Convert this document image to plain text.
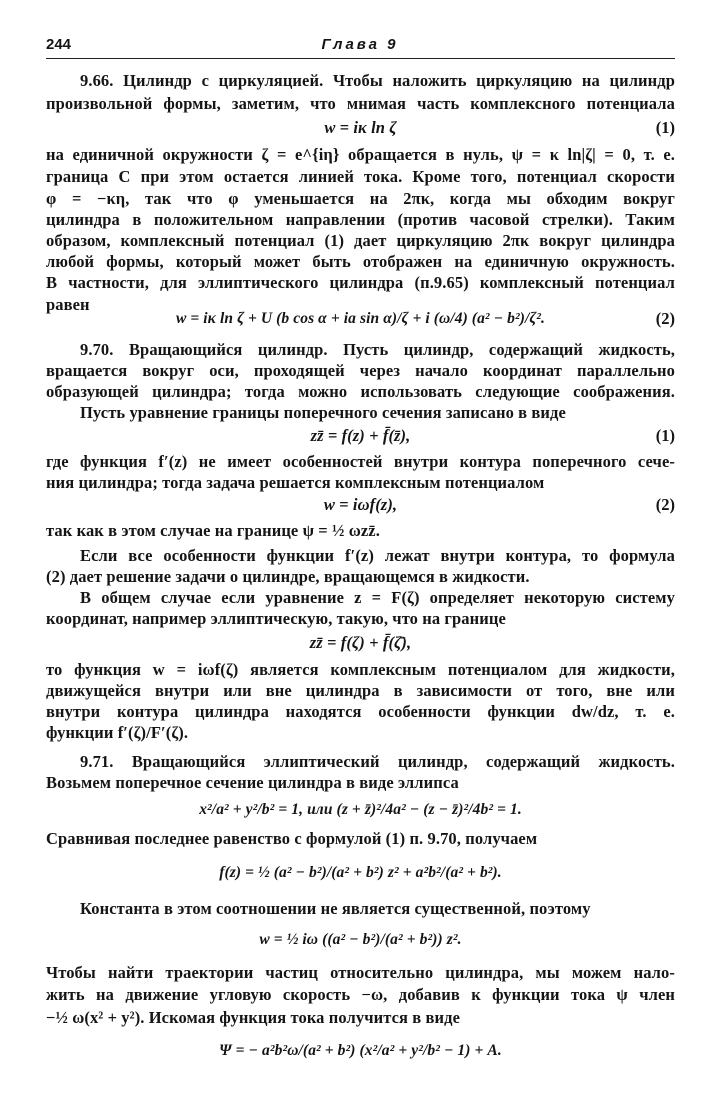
244	Глава 9
9.66. Цилиндр с циркуляцией. Чтобы наложить циркуляцию на цилиндр
произвольной формы, заметим, что мнимая часть комплексного потенциала
w = iκ ln ζ	(1)
на единичной окружности ζ = e^{iη} обращается в нуль, ψ = κ ln|ζ| = 0, т. е.
граница C при этом остается линией тока. Кроме того, потенциал скорости
φ = −κη, так что φ уменьшается на 2πκ, когда мы обходим вокруг
цилиндра в положительном направлении (против часовой стрелки). Таким
образом, комплексный потенциал (1) дает циркуляцию 2πκ вокруг цилиндра
любой формы, который может быть отображен на единичную окружность.
В частности, для эллиптического цилиндра (п.9.65) комплексный потенциал
равен
w = iκ ln ζ + U (b cos α + ia sin α)/ζ + i (ω/4) (a² − b²)/ζ².	(2)
9.70. Вращающийся цилиндр. Пусть цилиндр, содержащий жидкость,
вращается вокруг оси, проходящей через начало координат параллельно
образующей цилиндра; тогда можно использовать следующие соображения.
Пусть уравнение границы поперечного сечения записано в виде
zz̄ = f(z) + f̄(z̄),	(1)
где функция f′(z) не имеет особенностей внутри контура поперечного сече-
ния цилиндра; тогда задача решается комплексным потенциалом
w = iωf(z),	(2)
так как в этом случае на границе ψ = ½ ωzz̄.
Если все особенности функции f′(z) лежат внутри контура, то формула
(2) дает решение задачи о цилиндре, вращающемся в жидкости.
В общем случае если уравнение z = F(ζ) определяет некоторую систему
координат, например эллиптическую, такую, что на границе
zz̄ = f(ζ) + f̄(ζ̄),
то функция w = iωf(ζ) является комплексным потенциалом для жидкости,
движущейся внутри или вне цилиндра в зависимости от того, вне или
внутри контура цилиндра находятся особенности функции dw/dz, т. е.
функции f′(ζ)/F′(ζ).
9.71. Вращающийся эллиптический цилиндр, содержащий жидкость.
Возьмем поперечное сечение цилиндра в виде эллипса
x²/a² + y²/b² = 1, или (z + z̄)²/4a² − (z − z̄)²/4b² = 1.
Сравнивая последнее равенство с формулой (1) п. 9.70, получаем
f(z) = ½ (a² − b²)/(a² + b²) z² + a²b²/(a² + b²).
Константа в этом соотношении не является существенной, поэтому
w = ½ iω ((a² − b²)/(a² + b²)) z².
Чтобы найти траектории частиц относительно цилиндра, мы можем нало-
жить на движение угловую скорость −ω, добавив к функции тока ψ член
−½ ω(x² + y²). Искомая функция тока получится в виде
Ψ = − a²b²ω/(a² + b²) (x²/a² + y²/b² − 1) + A.
